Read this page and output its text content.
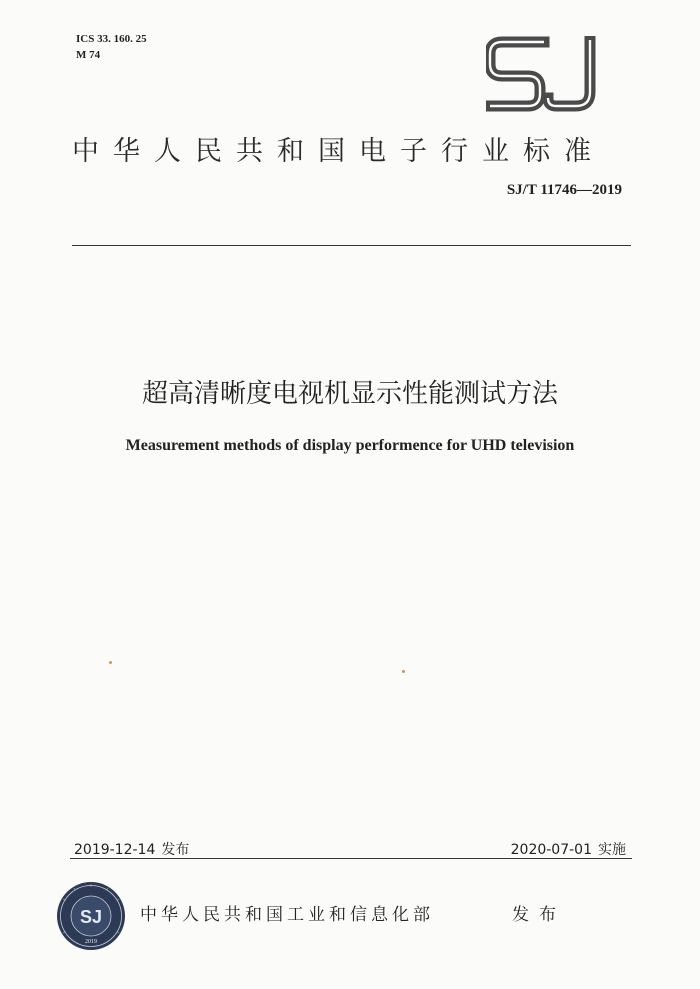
ICS 33. 160. 25
M 74
中华人民共和国电子行业标准
SJ/T 11746—2019
超高清晰度电视机显示性能测试方法
Measurement methods of display performence for UHD television
2019-12-14 发布	2020-07-01 实施
SJ
2019
中华人民共和国工业和信息化部	发布
